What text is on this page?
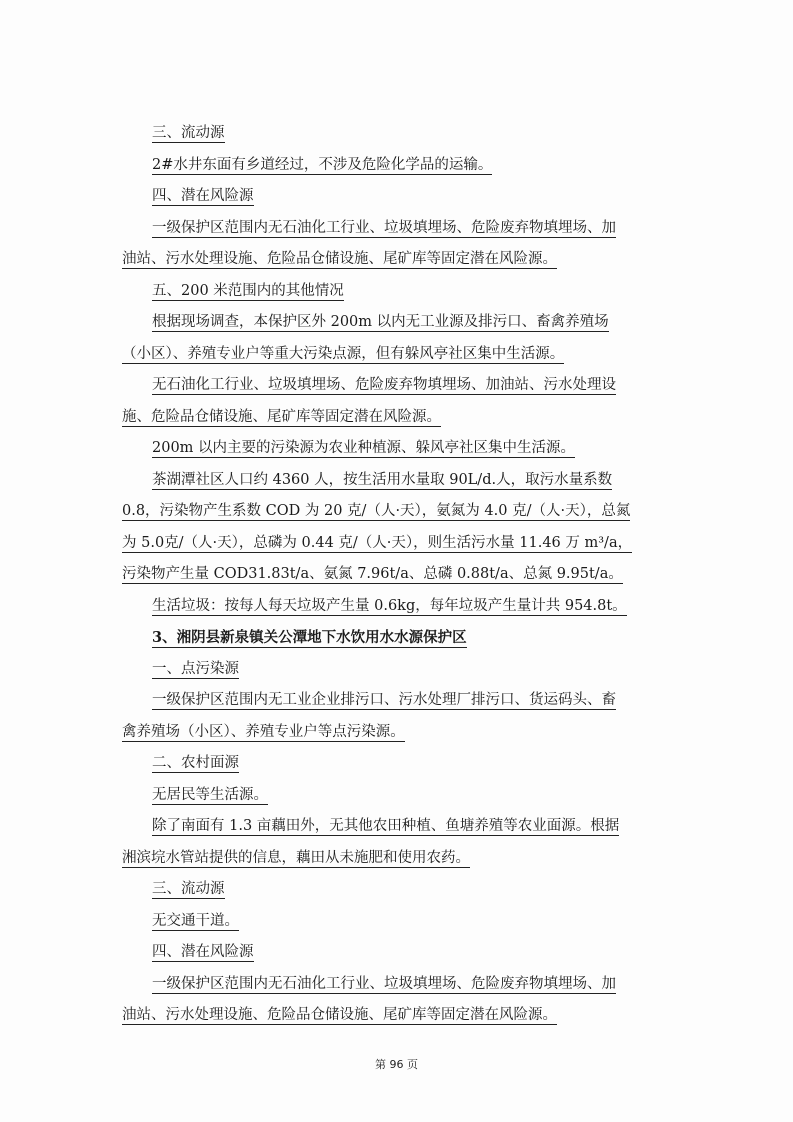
三、流动源
2#水井东面有乡道经过，不涉及危险化学品的运输。
四、潜在风险源
一级保护区范围内无石油化工行业、垃圾填埋场、危险废弃物填埋场、加
油站、污水处理设施、危险品仓储设施、尾矿库等固定潜在风险源。
五、200 米范围内的其他情况
根据现场调查，本保护区外 200m 以内无工业源及排污口、畜禽养殖场
（小区）、养殖专业户等重大污染点源，但有躲风亭社区集中生活源。
无石油化工行业、垃圾填埋场、危险废弃物填埋场、加油站、污水处理设
施、危险品仓储设施、尾矿库等固定潜在风险源。
200m 以内主要的污染源为农业种植源、躲风亭社区集中生活源。
茶湖潭社区人口约 4360 人，按生活用水量取 90L/d.人，取污水量系数
0.8，污染物产生系数 COD 为 20 克/（人·天），氨氮为 4.0 克/（人·天），总氮
为 5.0克/（人·天），总磷为 0.44 克/（人·天），则生活污水量 11.46 万 m³/a，
污染物产生量 COD31.83t/a、氨氮 7.96t/a、总磷 0.88t/a、总氮 9.95t/a。
生活垃圾：按每人每天垃圾产生量 0.6kg，每年垃圾产生量计共 954.8t。
3、湘阴县新泉镇关公潭地下水饮用水水源保护区
一、点污染源
一级保护区范围内无工业企业排污口、污水处理厂排污口、货运码头、畜
禽养殖场（小区）、养殖专业户等点污染源。
二、农村面源
无居民等生活源。
除了南面有 1.3 亩藕田外，无其他农田种植、鱼塘养殖等农业面源。根据
湘滨垸水管站提供的信息，藕田从未施肥和使用农药。
三、流动源
无交通干道。
四、潜在风险源
一级保护区范围内无石油化工行业、垃圾填埋场、危险废弃物填埋场、加
油站、污水处理设施、危险品仓储设施、尾矿库等固定潜在风险源。
第 96 页
